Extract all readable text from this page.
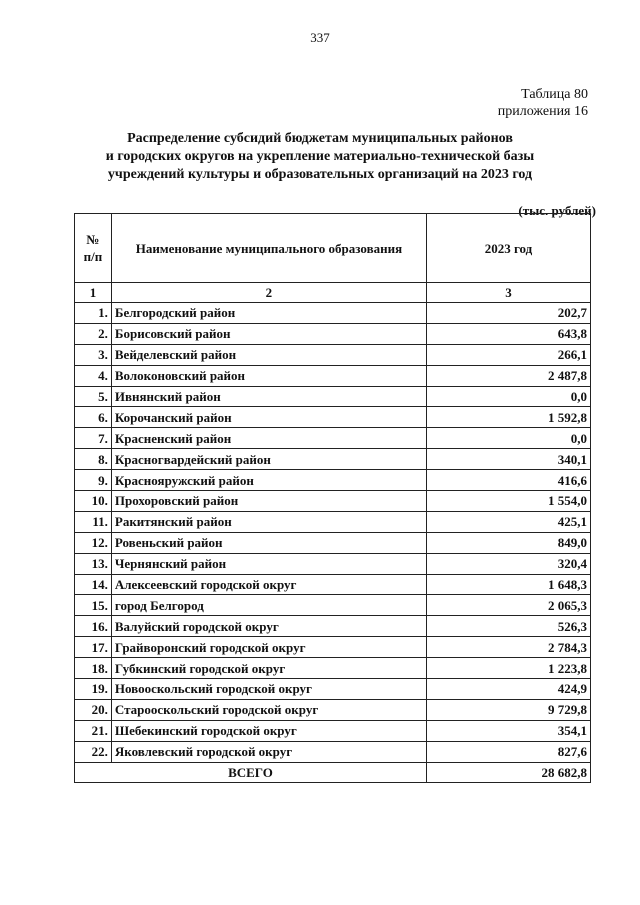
337
Таблица 80
приложения 16
Распределение субсидий бюджетам муниципальных районов
и городских округов на укрепление материально-технической базы
учреждений культуры и образовательных организаций на 2023 год
(тыс. рублей)
№
п/п	Наименование муниципального образования	2023 год
1	2	3
1.	Белгородский район	202,7
2.	Борисовский район	643,8
3.	Вейделевский район	266,1
4.	Волоконовский район	2 487,8
5.	Ивнянский район	0,0
6.	Корочанский район	1 592,8
7.	Красненский район	0,0
8.	Красногвардейский район	340,1
9.	Краснояружский район	416,6
10.	Прохоровский район	1 554,0
11.	Ракитянский район	425,1
12.	Ровеньский район	849,0
13.	Чернянский район	320,4
14.	Алексеевский городской округ	1 648,3
15.	город Белгород	2 065,3
16.	Валуйский городской округ	526,3
17.	Грайворонский городской округ	2 784,3
18.	Губкинский городской округ	1 223,8
19.	Новооскольский городской округ	424,9
20.	Старооскольский городской округ	9 729,8
21.	Шебекинский городской округ	354,1
22.	Яковлевский городской округ	827,6
ВСЕГО		28 682,8
